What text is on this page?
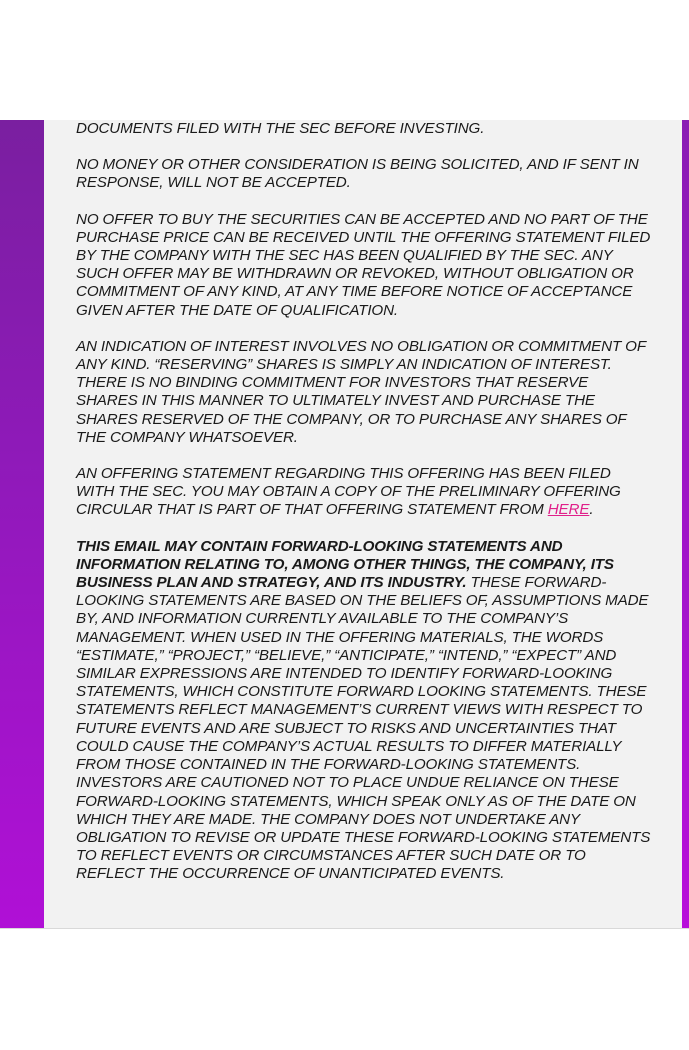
DOCUMENTS FILED WITH THE SEC BEFORE INVESTING.

NO MONEY OR OTHER CONSIDERATION IS BEING SOLICITED, AND IF SENT IN RESPONSE, WILL NOT BE ACCEPTED.

NO OFFER TO BUY THE SECURITIES CAN BE ACCEPTED AND NO PART OF THE PURCHASE PRICE CAN BE RECEIVED UNTIL THE OFFERING STATEMENT FILED BY THE COMPANY WITH THE SEC HAS BEEN QUALIFIED BY THE SEC. ANY SUCH OFFER MAY BE WITHDRAWN OR REVOKED, WITHOUT OBLIGATION OR COMMITMENT OF ANY KIND, AT ANY TIME BEFORE NOTICE OF ACCEPTANCE GIVEN AFTER THE DATE OF QUALIFICATION.

AN INDICATION OF INTEREST INVOLVES NO OBLIGATION OR COMMITMENT OF ANY KIND. “RESERVING” SHARES IS SIMPLY AN INDICATION OF INTEREST. THERE IS NO BINDING COMMITMENT FOR INVESTORS THAT RESERVE SHARES IN THIS MANNER TO ULTIMATELY INVEST AND PURCHASE THE SHARES RESERVED OF THE COMPANY, OR TO PURCHASE ANY SHARES OF THE COMPANY WHATSOEVER.

AN OFFERING STATEMENT REGARDING THIS OFFERING HAS BEEN FILED WITH THE SEC. YOU MAY OBTAIN A COPY OF THE PRELIMINARY OFFERING CIRCULAR THAT IS PART OF THAT OFFERING STATEMENT FROM HERE.

THIS EMAIL MAY CONTAIN FORWARD-LOOKING STATEMENTS AND INFORMATION RELATING TO, AMONG OTHER THINGS, THE COMPANY, ITS BUSINESS PLAN AND STRATEGY, AND ITS INDUSTRY. THESE FORWARD-LOOKING STATEMENTS ARE BASED ON THE BELIEFS OF, ASSUMPTIONS MADE BY, AND INFORMATION CURRENTLY AVAILABLE TO THE COMPANY’S MANAGEMENT. WHEN USED IN THE OFFERING MATERIALS, THE WORDS “ESTIMATE,” “PROJECT,” “BELIEVE,” “ANTICIPATE,” “INTEND,” “EXPECT” AND SIMILAR EXPRESSIONS ARE INTENDED TO IDENTIFY FORWARD-LOOKING STATEMENTS, WHICH CONSTITUTE FORWARD LOOKING STATEMENTS. THESE STATEMENTS REFLECT MANAGEMENT’S CURRENT VIEWS WITH RESPECT TO FUTURE EVENTS AND ARE SUBJECT TO RISKS AND UNCERTAINTIES THAT COULD CAUSE THE COMPANY’S ACTUAL RESULTS TO DIFFER MATERIALLY FROM THOSE CONTAINED IN THE FORWARD-LOOKING STATEMENTS. INVESTORS ARE CAUTIONED NOT TO PLACE UNDUE RELIANCE ON THESE FORWARD-LOOKING STATEMENTS, WHICH SPEAK ONLY AS OF THE DATE ON WHICH THEY ARE MADE. THE COMPANY DOES NOT UNDERTAKE ANY OBLIGATION TO REVISE OR UPDATE THESE FORWARD-LOOKING STATEMENTS TO REFLECT EVENTS OR CIRCUMSTANCES AFTER SUCH DATE OR TO REFLECT THE OCCURRENCE OF UNANTICIPATED EVENTS.
